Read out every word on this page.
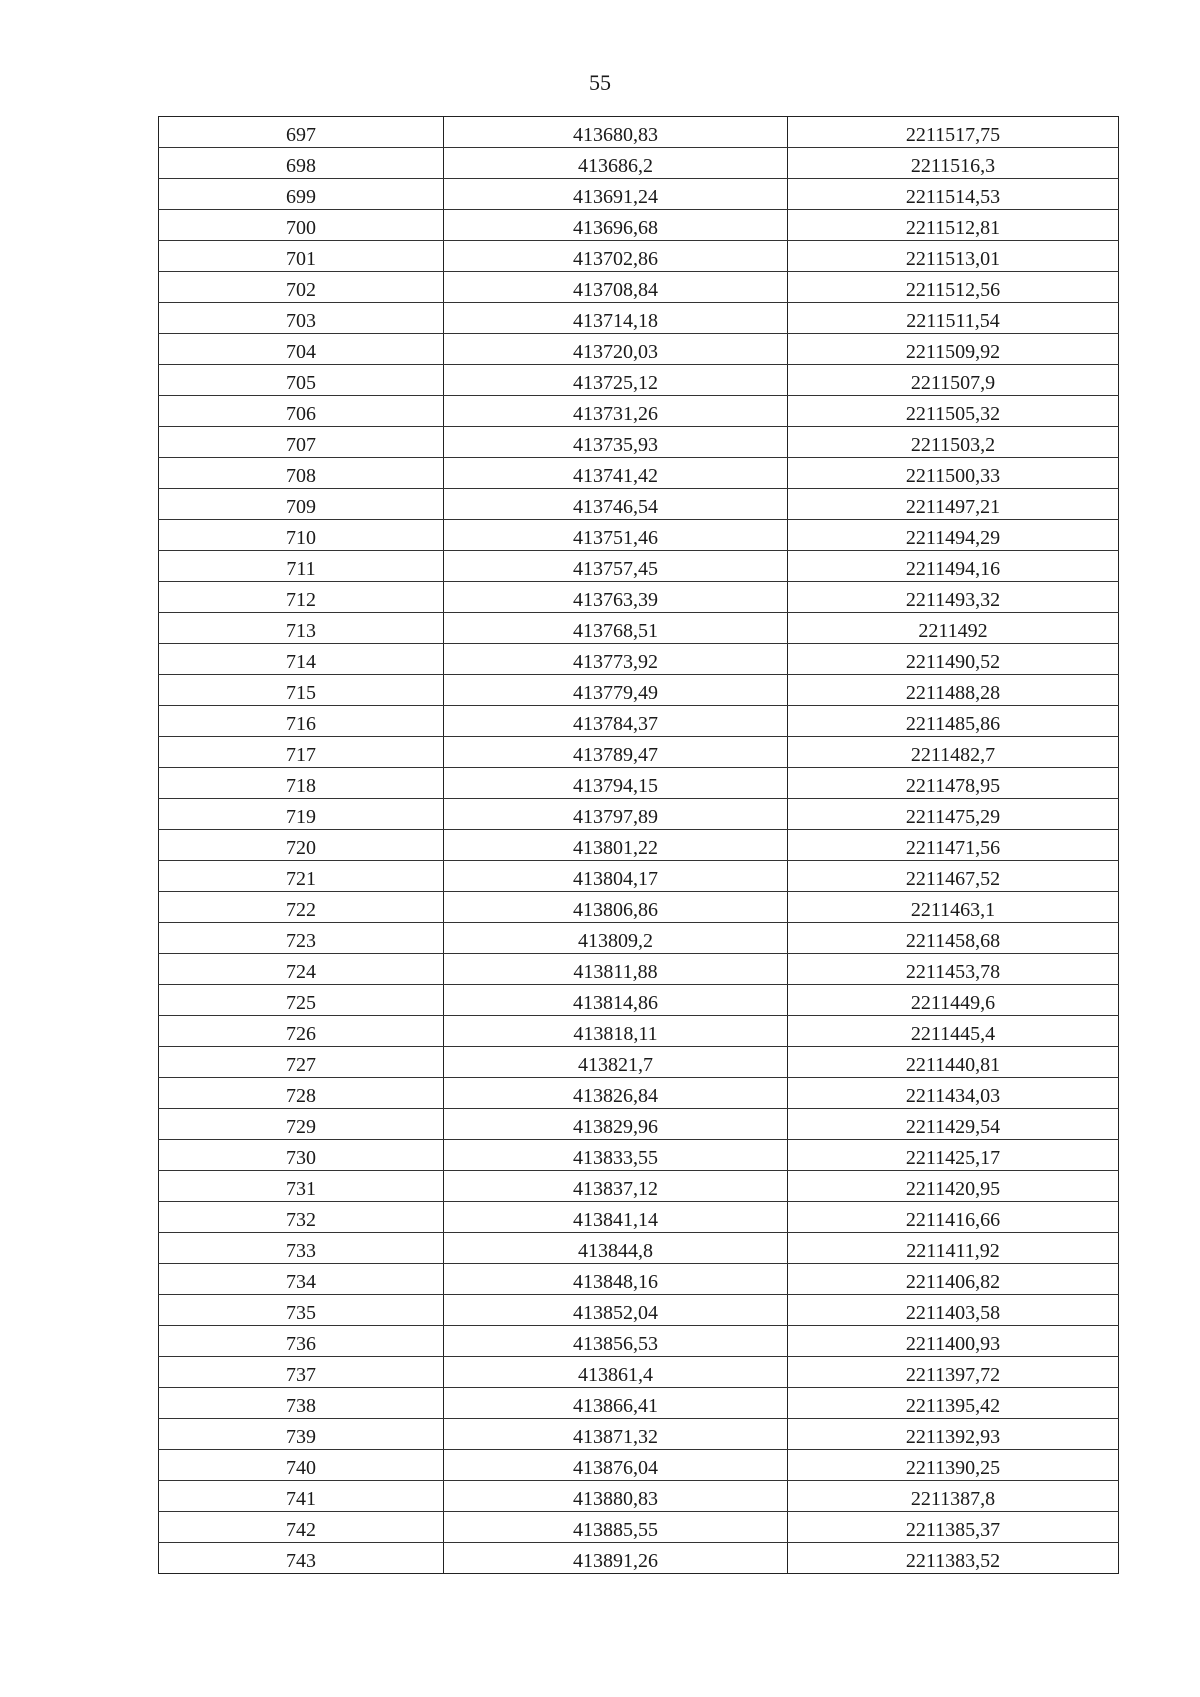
55
697	413680,83	2211517,75
698	413686,2	2211516,3
699	413691,24	2211514,53
700	413696,68	2211512,81
701	413702,86	2211513,01
702	413708,84	2211512,56
703	413714,18	2211511,54
704	413720,03	2211509,92
705	413725,12	2211507,9
706	413731,26	2211505,32
707	413735,93	2211503,2
708	413741,42	2211500,33
709	413746,54	2211497,21
710	413751,46	2211494,29
711	413757,45	2211494,16
712	413763,39	2211493,32
713	413768,51	2211492
714	413773,92	2211490,52
715	413779,49	2211488,28
716	413784,37	2211485,86
717	413789,47	2211482,7
718	413794,15	2211478,95
719	413797,89	2211475,29
720	413801,22	2211471,56
721	413804,17	2211467,52
722	413806,86	2211463,1
723	413809,2	2211458,68
724	413811,88	2211453,78
725	413814,86	2211449,6
726	413818,11	2211445,4
727	413821,7	2211440,81
728	413826,84	2211434,03
729	413829,96	2211429,54
730	413833,55	2211425,17
731	413837,12	2211420,95
732	413841,14	2211416,66
733	413844,8	2211411,92
734	413848,16	2211406,82
735	413852,04	2211403,58
736	413856,53	2211400,93
737	413861,4	2211397,72
738	413866,41	2211395,42
739	413871,32	2211392,93
740	413876,04	2211390,25
741	413880,83	2211387,8
742	413885,55	2211385,37
743	413891,26	2211383,52
